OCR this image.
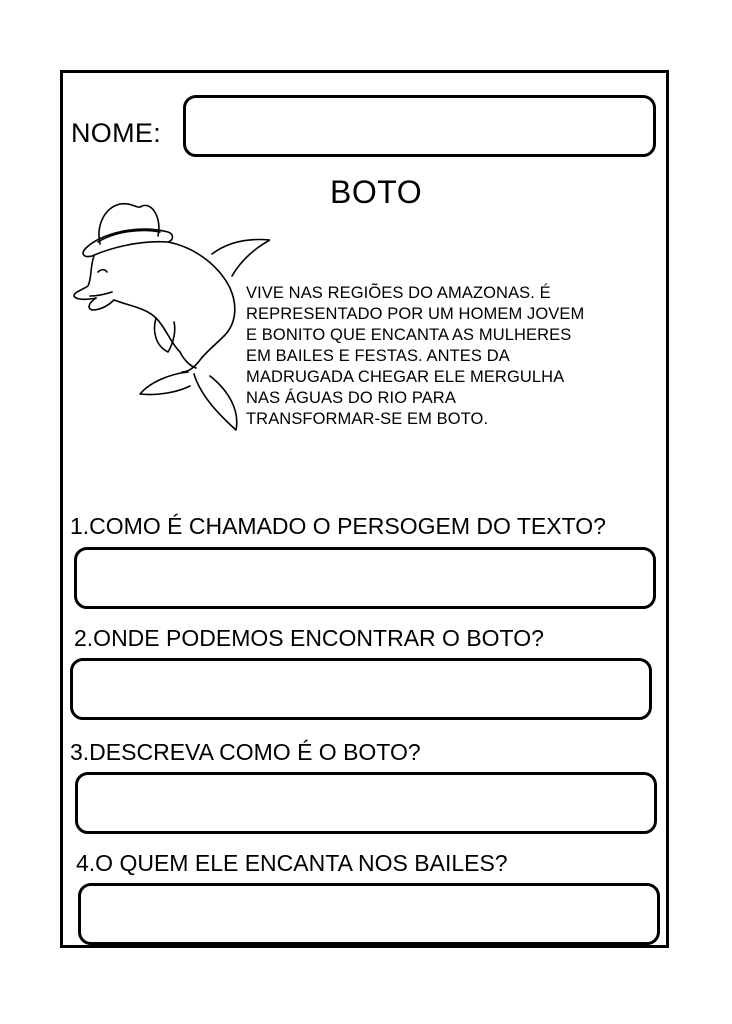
NOME:
BOTO
VIVE NAS REGIÕES DO AMAZONAS. É
REPRESENTADO POR UM HOMEM JOVEM
E BONITO QUE ENCANTA AS MULHERES
EM BAILES E FESTAS. ANTES DA
MADRUGADA CHEGAR ELE MERGULHA
NAS ÁGUAS DO RIO PARA
TRANSFORMAR-SE EM BOTO.
1.COMO É CHAMADO O PERSOGEM DO TEXTO?
2.ONDE PODEMOS ENCONTRAR O BOTO?
3.DESCREVA COMO É O BOTO?
4.O QUEM ELE ENCANTA NOS BAILES?
